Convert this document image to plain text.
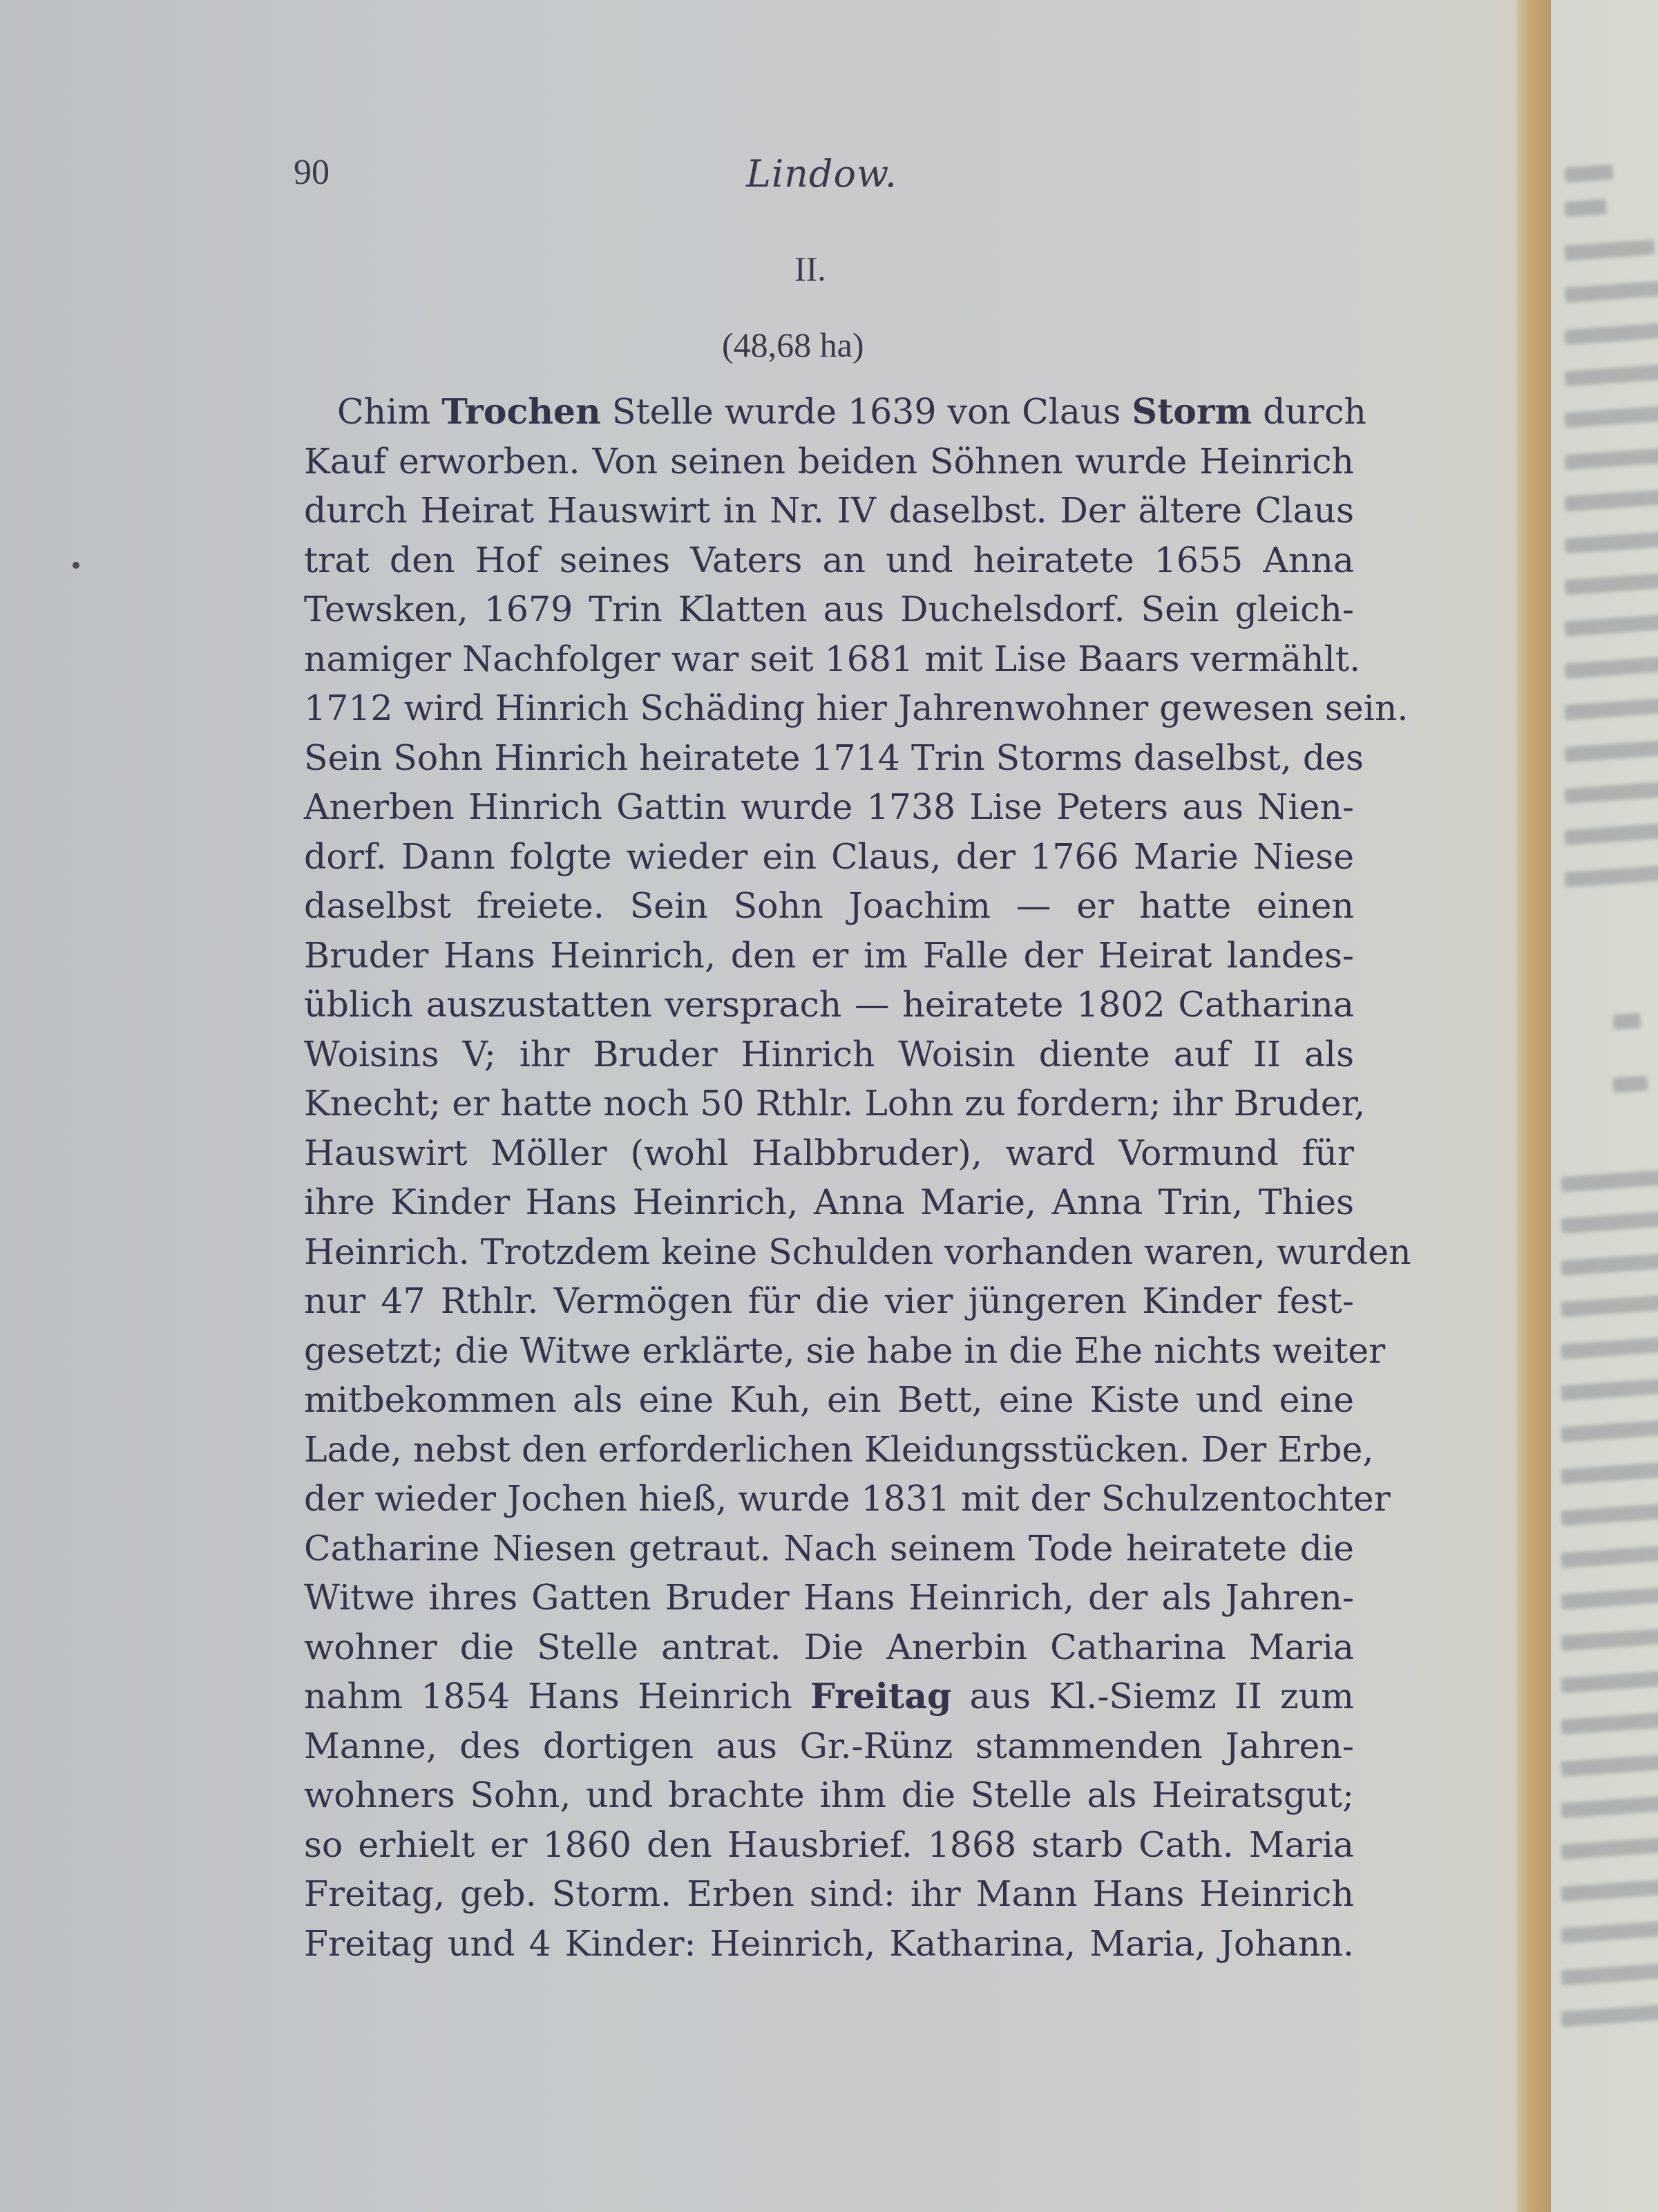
90	Lindow.
II.
(48,68 ha)
Chim Trochen Stelle wurde 1639 von Claus Storm durch
Kauf erworben. Von seinen beiden Söhnen wurde Heinrich
durch Heirat Hauswirt in Nr. IV daselbst. Der ältere Claus
trat den Hof seines Vaters an und heiratete 1655 Anna
Tewsken, 1679 Trin Klatten aus Duchelsdorf. Sein gleich-
namiger Nachfolger war seit 1681 mit Lise Baars vermählt.
1712 wird Hinrich Schäding hier Jahrenwohner gewesen sein.
Sein Sohn Hinrich heiratete 1714 Trin Storms daselbst, des
Anerben Hinrich Gattin wurde 1738 Lise Peters aus Nien-
dorf. Dann folgte wieder ein Claus, der 1766 Marie Niese
daselbst freiete. Sein Sohn Joachim — er hatte einen
Bruder Hans Heinrich, den er im Falle der Heirat landes-
üblich auszustatten versprach — heiratete 1802 Catharina
Woisins V; ihr Bruder Hinrich Woisin diente auf II als
Knecht; er hatte noch 50 Rthlr. Lohn zu fordern; ihr Bruder,
Hauswirt Möller (wohl Halbbruder), ward Vormund für
ihre Kinder Hans Heinrich, Anna Marie, Anna Trin, Thies
Heinrich. Trotzdem keine Schulden vorhanden waren, wurden
nur 47 Rthlr. Vermögen für die vier jüngeren Kinder fest-
gesetzt; die Witwe erklärte, sie habe in die Ehe nichts weiter
mitbekommen als eine Kuh, ein Bett, eine Kiste und eine
Lade, nebst den erforderlichen Kleidungsstücken. Der Erbe,
der wieder Jochen hieß, wurde 1831 mit der Schulzentochter
Catharine Niesen getraut. Nach seinem Tode heiratete die
Witwe ihres Gatten Bruder Hans Heinrich, der als Jahren-
wohner die Stelle antrat. Die Anerbin Catharina Maria
nahm 1854 Hans Heinrich Freitag aus Kl.-Siemz II zum
Manne, des dortigen aus Gr.-Rünz stammenden Jahren-
wohners Sohn, und brachte ihm die Stelle als Heiratsgut;
so erhielt er 1860 den Hausbrief. 1868 starb Cath. Maria
Freitag, geb. Storm. Erben sind: ihr Mann Hans Heinrich
Freitag und 4 Kinder: Heinrich, Katharina, Maria, Johann.
